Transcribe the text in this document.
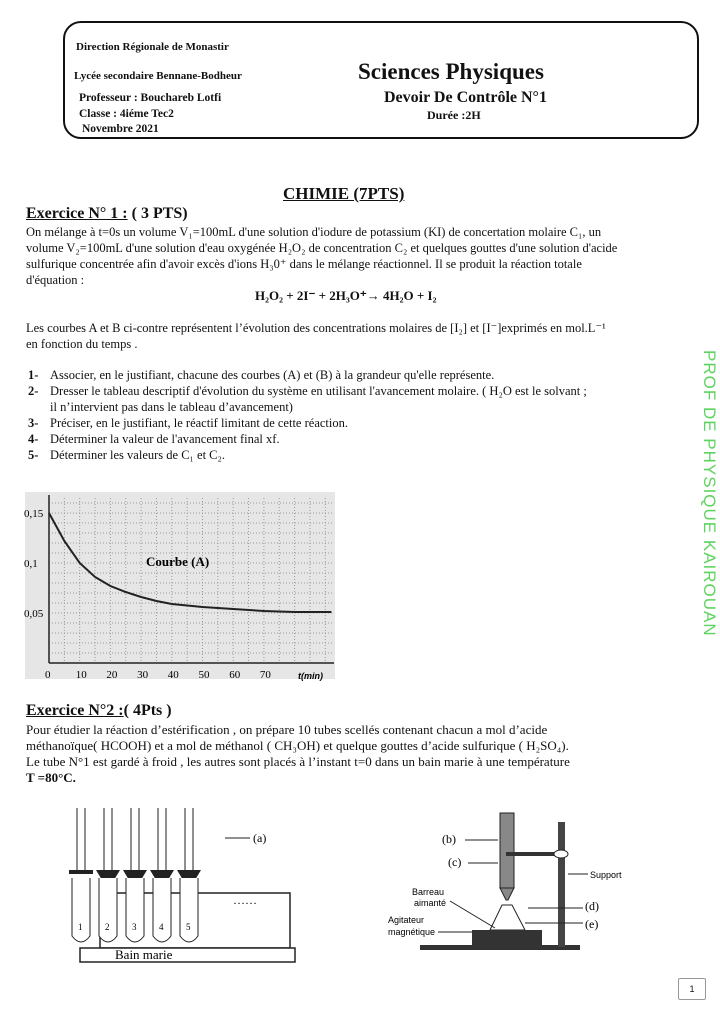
Direction Régionale de Monastir
Lycée secondaire Bennane-Bodheur
Professeur : Bouchareb Lotfi
Classe : 4iéme Tec2
Novembre 2021
Sciences Physiques
Devoir De Contrôle N°1
Durée :2H
PROF DE PHYSIQUE KAIROUAN
CHIMIE (7PTS)
Exercice N° 1 : ( 3 PTS)
On mélange à t=0s un volume V₁=100mL d'une solution d'iodure de potassium (KI) de concertation molaire C₁, un
volume V₂=100mL d'une solution d'eau oxygénée H₂O₂ de concentration C₂ et quelques gouttes d'une solution d'acide
sulfurique concentrée afin d'avoir excès d'ions H₃0⁺ dans le mélange réactionnel. Il se produit la réaction totale
d'équation :
H₂O₂ + 2I⁻ + 2H₃O⁺→ 4H₂O + I₂
Les courbes A et B ci-contre représentent l’évolution des concentrations molaires de [I₂] et [I⁻]exprimés en mol.L⁻¹
en fonction du temps .
1- Associer, en le justifiant, chacune des courbes (A) et (B) à la grandeur qu'elle représente.
2- Dresser le tableau descriptif d'évolution du système en utilisant l'avancement molaire. ( H₂O est le solvant ;
il n’intervient pas dans le tableau d’avancement)
3- Préciser, en le justifiant, le réactif limitant de cette réaction.
4- Déterminer la valeur de l'avancement final xf.
5- Déterminer les valeurs de C₁ et C₂.
0 10 20 30 40 50 60 70
0,05
0,1
0,15
Courbe (A)
t(min)
Exercice N°2 :( 4Pts )
Pour étudier la réaction d’estérification , on prépare 10 tubes scellés contenant chacun a mol d’acide
méthanoïque( HCOOH) et a mol de méthanol ( CH₃OH) et quelque gouttes d’acide sulfurique ( H₂SO₄).
Le tube N°1 est gardé à froid , les autres sont placés à l’instant t=0 dans un bain marie à une température
T =80°C.
Bain marie
1	2	3	4	5
(a)
……
(b)
(c)
(d)
(e)
Support
Barreau
aimanté
Agitateur
magnétique
1
